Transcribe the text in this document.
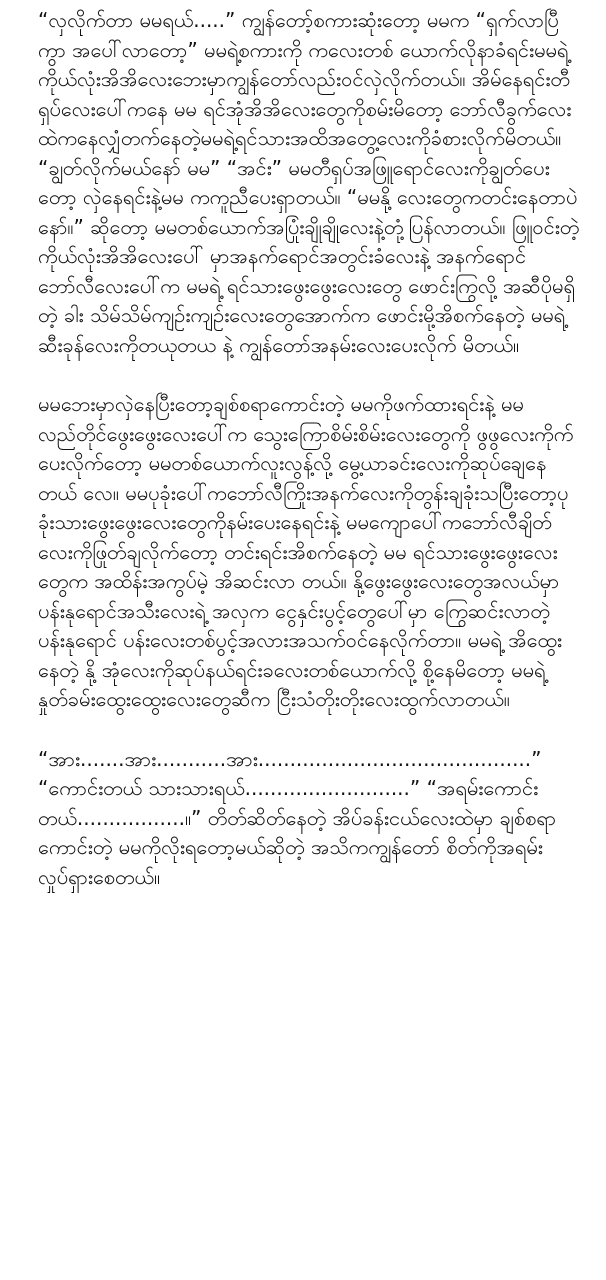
“လှလိုက်တာ မမရယ်.....” ကျွန်တော့်စကားဆုံးတော့ မမက “ရှက်လာပြီကွာ အပေါ်လာတော့” မမရဲ့စကားကို ကလေးတစ် ယောက်လိုနာခံရင်းမမရဲ့ကိုယ်လုံးအိအိလေးဘေးမှာကျွန်တော်လည်းဝင်လှဲလိုက်တယ်။ အိမ်နေရင်းတီရှပ်လေးပေါ်ကနေ မမ ရင်အုံအိအိလေးတွေကိုစမ်းမိတော့ ဘော်လီခွက်လေးထဲကနေလျှံတက်နေတဲ့မမရဲ့ရင်သားအထိအတွေ့လေးကိုခံစားလိုက်မိတယ်။ “ချွတ်လိုက်မယ်နော် မမ” “အင်း” မမတီရှပ်အဖြူရောင်လေးကိုချွတ်ပေးတော့ လှဲနေရင်းနဲ့မမ ကကူညီပေးရှာတယ်။ “မမနို့ လေးတွေကတင်းနေတာပဲနော်။” ဆိုတော့ မမတစ်ယောက်အပြုံးချိုချိုလေးနဲ့တုံ့ပြန်လာတယ်။ ဖြူဝင်းတဲ့ ကိုယ်လုံးအိအိလေးပေါ် မှာအနက်ရောင်အတွင်းခံလေးနဲ့ အနက်ရောင်ဘော်လီလေးပေါ်က မမရဲ့ ရင်သားဖွေးဖွေးလေးတွေ ဖောင်းကြွလို့ အဆီပိုမရှိတဲ့ ခါး သိမ်သိမ်ကျဉ်းကျဉ်းလေးတွေအောက်က ဖောင်းမို့အိစက်နေတဲ့ မမရဲ့ ဆီးခုန်လေးကိုတယုတယ နဲ့ ကျွန်တော်အနမ်းလေးပေးလိုက် မိတယ်။

မမဘေးမှာလှဲနေပြီးတော့ချစ်စရာကောင်းတဲ့ မမကိုဖက်ထားရင်းနဲ့ မမလည်တိုင်ဖွေးဖွေးလေးပေါ်က သွေးကြောစိမ်းစိမ်းလေးတွေကို ဖွဖွလေးကိုက်ပေးလိုက်တော့ မမတစ်ယောက်လူးလွန့်လို့ မွေ့ယာခင်းလေးကိုဆုပ်ချေနေတယ် လေ။ မမပုခုံးပေါ်ကဘော်လီကြိုးအနက်လေးကိုတွန်းချခုံးသပြီးတော့ပုခုံးသားဖွေးဖွေးလေးတွေကိုနမ်းပေးနေရင်းနဲ့ မမကျောပေါ်ကဘော်လီချိတ်လေးကိုဖြုတ်ချလိုက်တော့ တင်းရင်းအိစက်နေတဲ့ မမ ရင်သားဖွေးဖွေးလေးတွေက အထိန်းအကွပ်မဲ့ အိဆင်းလာ တယ်။ နို့ဖွေးဖွေးလေးတွေအလယ်မှာပန်းနုရောင်အသီးလေးရဲ့ အလှက ငွေနှင်းပွင့်တွေပေါ်မှာ ကြွေဆင်းလာတဲ့ပန်းနုရောင် ပန်းလေးတစ်ပွင့်အလားအသက်ဝင်နေလိုက်တာ။ မမရဲ့ အိထွေးနေတဲ့ နို့ အုံလေးကိုဆုပ်နယ်ရင်းခလေးတစ်ယောက်လို့ စို့နေမိတော့ မမရဲ့ နှုတ်ခမ်းထွေးထွေးလေးတွေဆီက ငြီးသံတိုးတိုးလေးထွက်လာတယ်။

“အား.......အား...........အား...........................................” “ကောင်းတယ် သားသားရယ်..........................” “အရမ်းကောင်း တယ်.................။” တိတ်ဆိတ်နေတဲ့ အိပ်ခန်းငယ်လေးထဲမှာ ချစ်စရာကောင်းတဲ့ မမကိုလိုးရတော့မယ်ဆိုတဲ့ အသိကကျွန်တော် စိတ်ကိုအရမ်းလှုပ်ရှားစေတယ်။
